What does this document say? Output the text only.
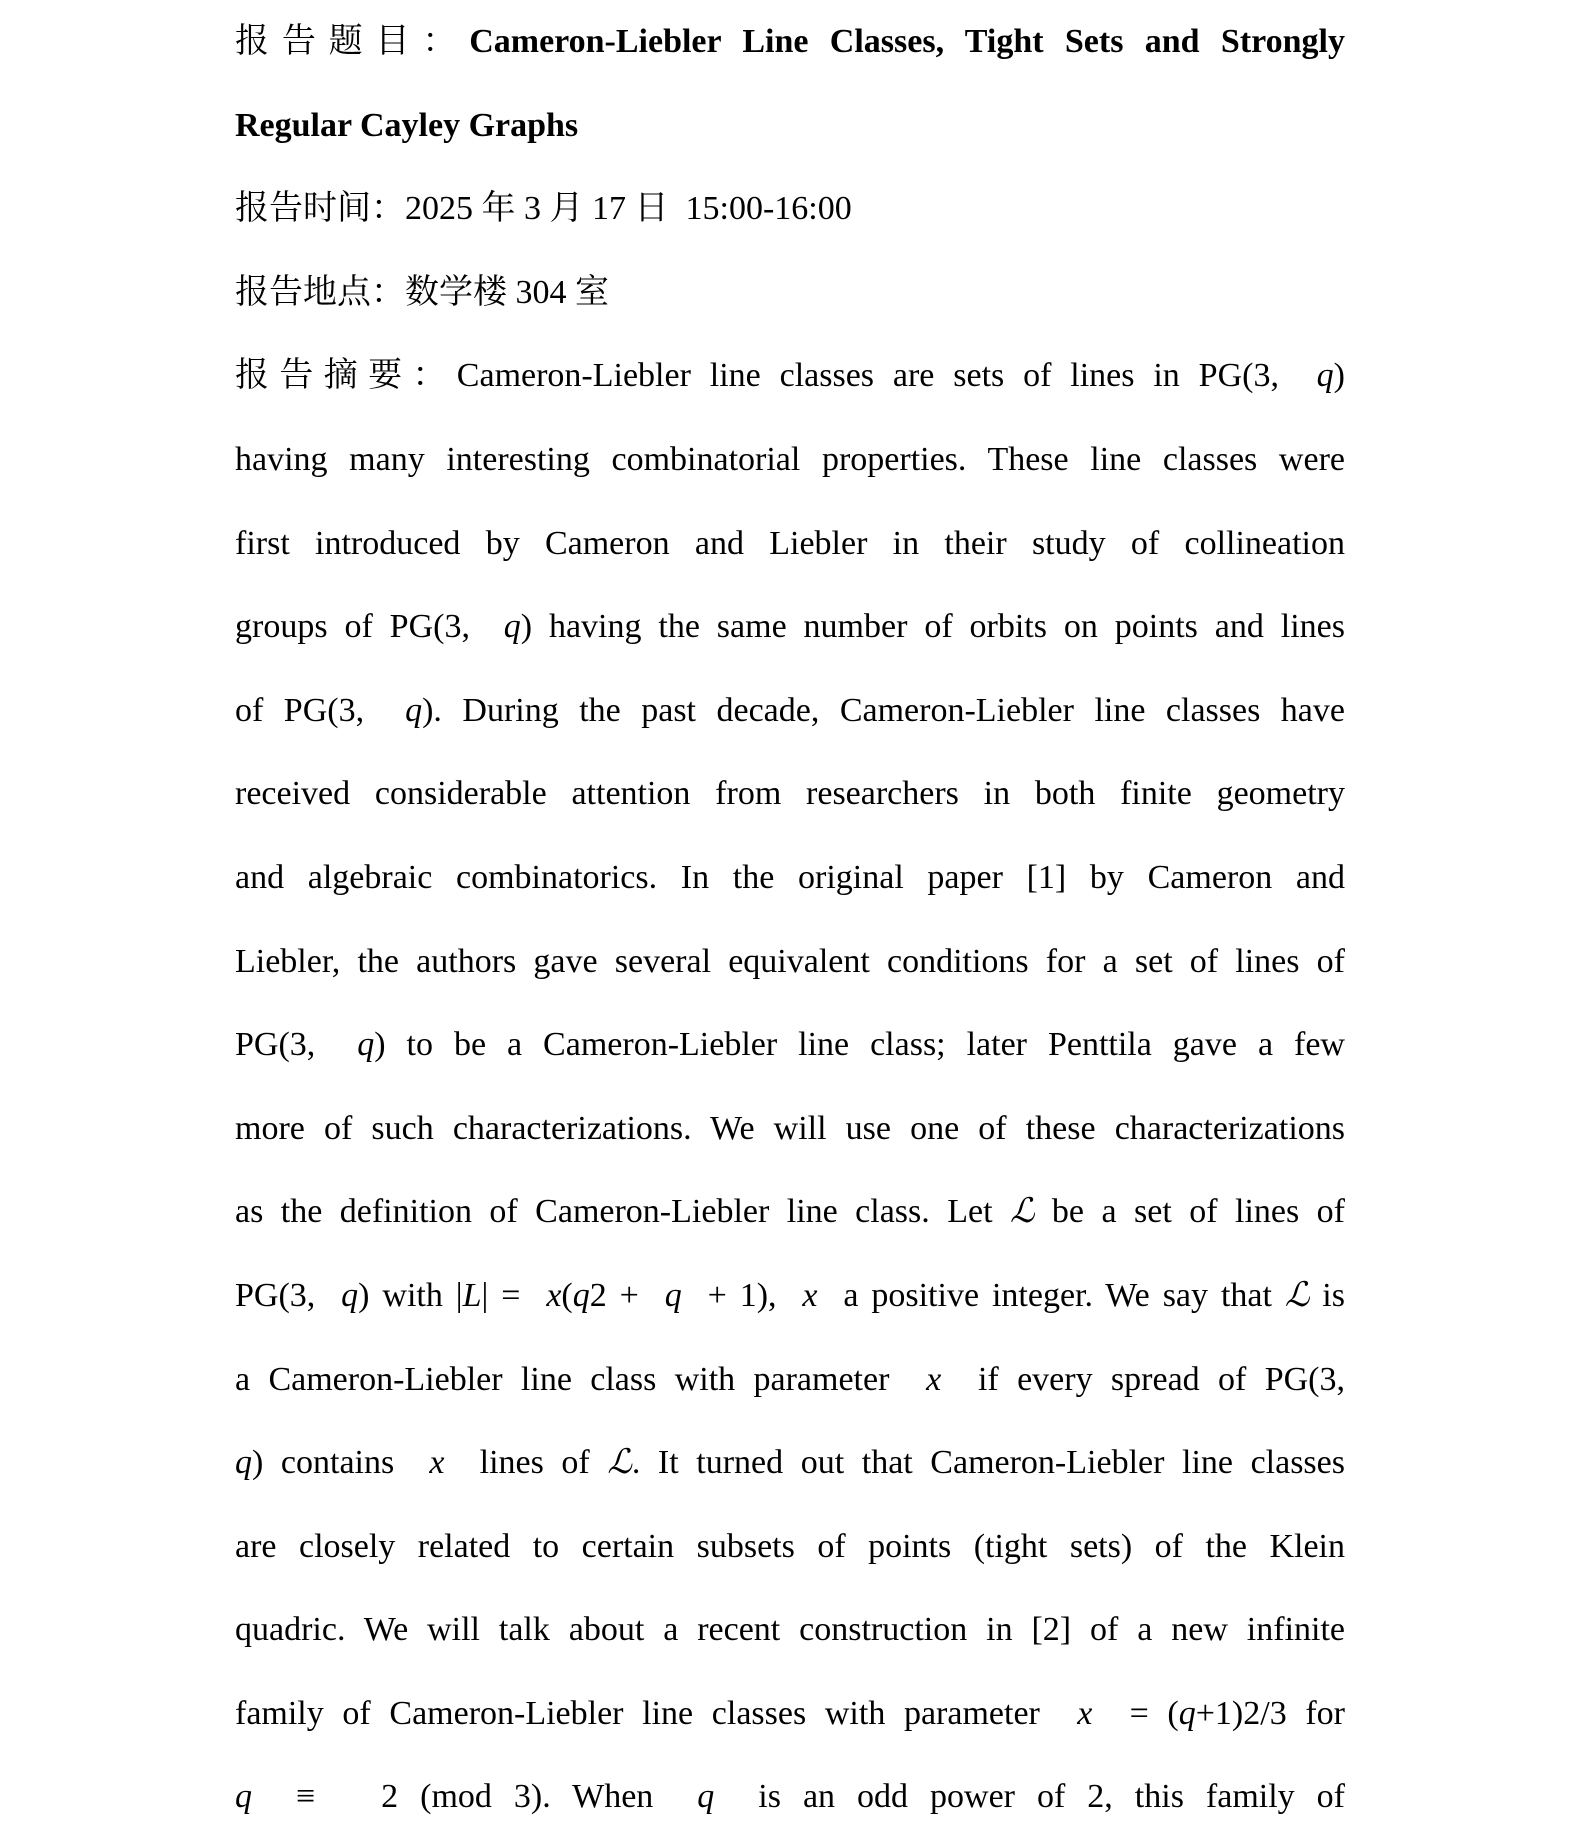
报告题目：Cameron-Liebler Line Classes, Tight Sets and Strongly
Regular Cayley Graphs
报告时间：2025 年 3 月 17 日  15:00-16:00
报告地点：数学楼 304 室
报告摘要：Cameron-Liebler line classes are sets of lines in PG(3,  q)
having many interesting combinatorial properties. These line classes were
first introduced by Cameron and Liebler in their study of collineation
groups of PG(3,  q) having the same number of orbits on points and lines
of PG(3,  q). During the past decade, Cameron-Liebler line classes have
received considerable attention from researchers in both finite geometry
and algebraic combinatorics. In the original paper [1] by Cameron and
Liebler, the authors gave several equivalent conditions for a set of lines of
PG(3,  q) to be a Cameron-Liebler line class; later Penttila gave a few
more of such characterizations. We will use one of these characterizations
as the definition of Cameron-Liebler line class. Let ℒ be a set of lines of
PG(3,  q) with |L| =  x(q2 +  q  + 1),  x  a positive integer. We say that ℒ is
a Cameron-Liebler line class with parameter  x  if every spread of PG(3,
q) contains  x  lines of ℒ. It turned out that Cameron-Liebler line classes
are closely related to certain subsets of points (tight sets) of the Klein
quadric. We will talk about a recent construction in [2] of a new infinite
family of Cameron-Liebler line classes with parameter  x  = (q+1)2/3 for
q  ≡   2 (mod 3). When  q  is an odd power of 2, this family of
